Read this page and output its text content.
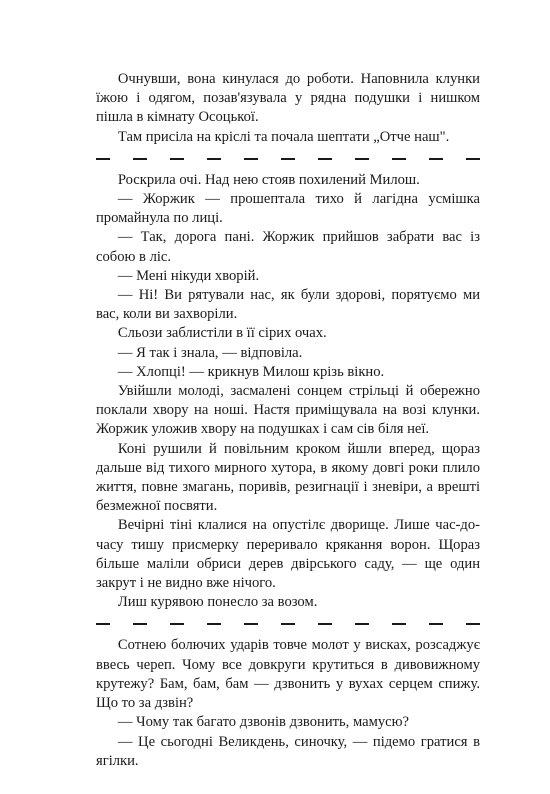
Очнувши, вона кинулася до роботи. Наповнила клунки їжою і одягом, позав'язувала у рядна подушки і нишком пішла в кімнату Осоцької.

Там присіла на кріслі та почала шептати „Отче наш".

Роскрила очі. Над нею стояв похилений Милош.

— Жоржик — прошептала тихо й лагідна усмішка промайнула по лиці.

— Так, дорога пані. Жоржик прийшов забрати вас із собою в ліс.

— Мені нікуди хворій.

— Ні! Ви рятували нас, як були здорові, порятуємо ми вас, коли ви захворіли.

Сльози заблистіли в її сірих очах.

— Я так і знала, — відповіла.

— Хлопці! — крикнув Милош крізь вікно.

Увійшли молоді, засмалені сонцем стрільці й обережно поклали хвору на ноші. Настя приміщувала на возі клунки. Жоржик уложив хвору на подушках і сам сів біля неї.

Коні рушили й повільним кроком йшли вперед, щораз дальше від тихого мирного хутора, в якому довгі роки плило життя, повне змагань, поривів, резигнації і зневіри, а врешті безмежної посвяти.

Вечірні тіні клалися на опустілє дворище. Лише час-до-часу тишу присмерку переривало крякання ворон. Щораз більше маліли обриси дерев двірського саду, — ще один закрут і не видно вже нічого.

Лиш курявою понесло за возом.

Сотнею болючих ударів товче молот у висках, розсаджує ввесь череп. Чому все довкруги крутиться в дивовижному крутежу? Бам, бам, бам — дзвонить у вухах серцем спижу. Що то за дзвін?

— Чому так багато дзвонів дзвонить, мамусю?

— Це сьогодні Великдень, синочку, — підемо гратися в ягілки.
